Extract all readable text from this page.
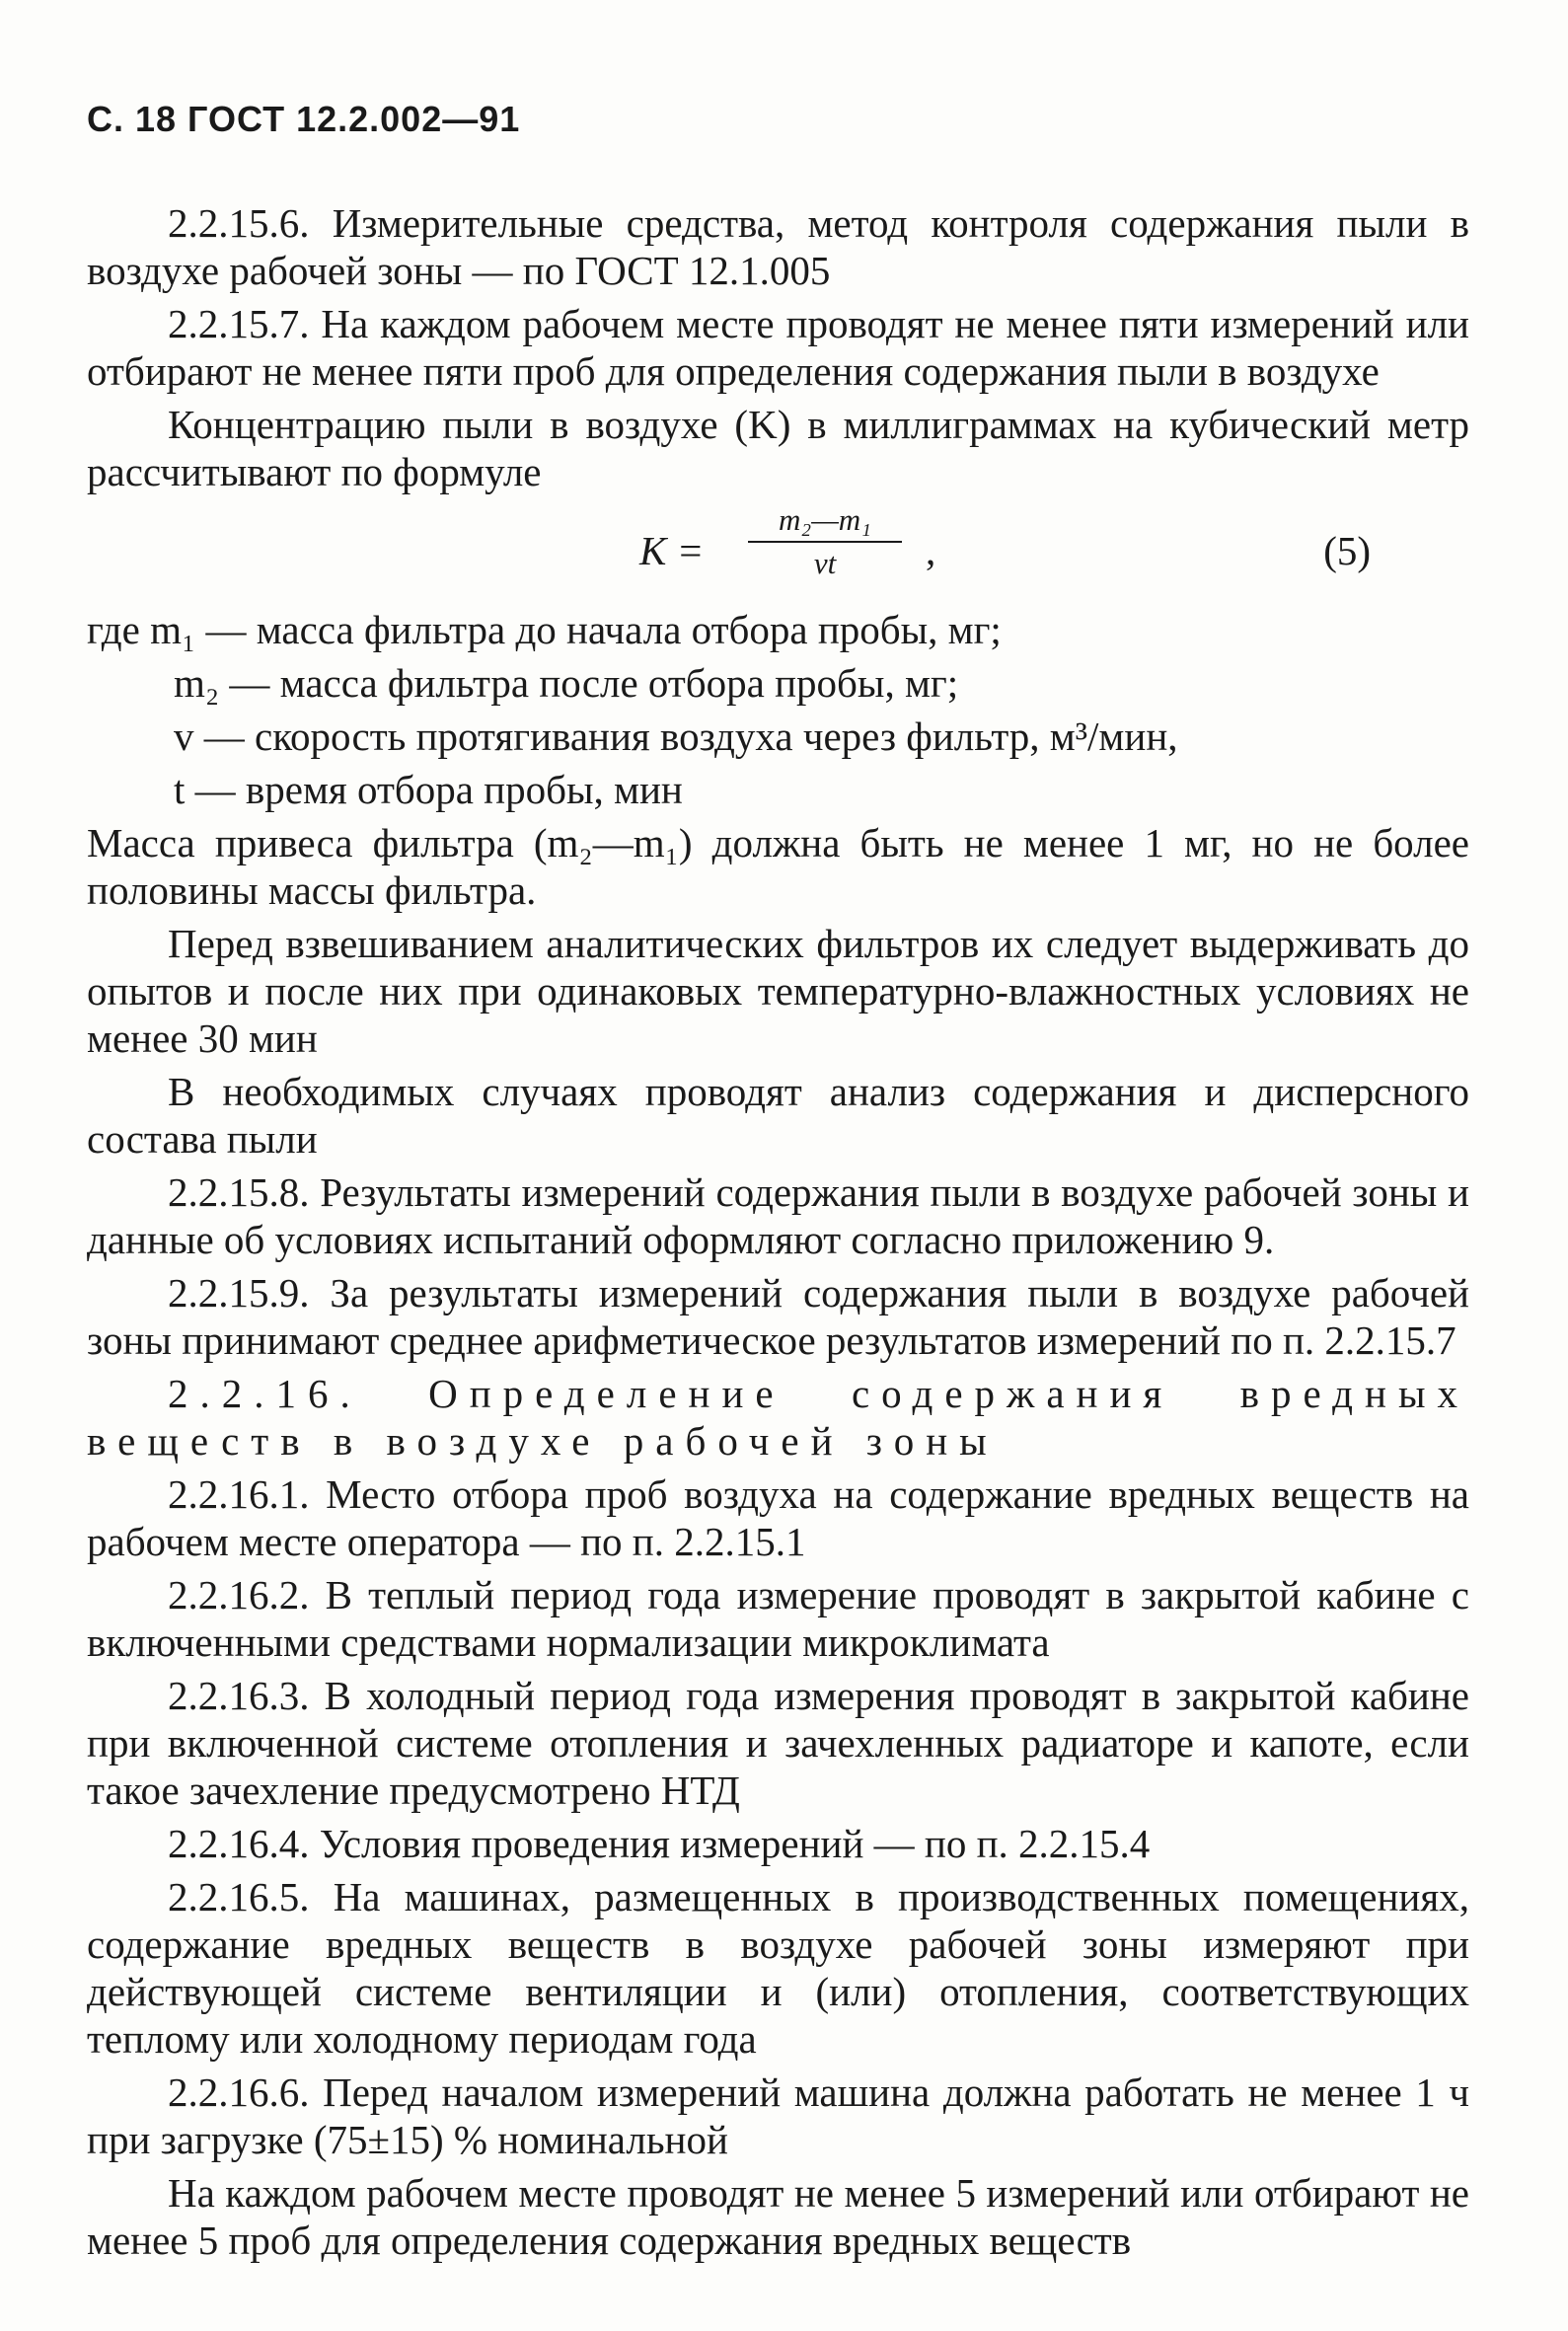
С. 18 ГОСТ 12.2.002—91

2.2.15.6. Измерительные средства, метод контроля содержания пыли в воздухе рабочей зоны — по ГОСТ 12.1.005

2.2.15.7. На каждом рабочем месте проводят не менее пяти измерений или отбирают не менее пяти проб для определения содержания пыли в воздухе

Концентрацию пыли в воздухе (K) в миллиграммах на кубический метр рассчитывают по формуле

K =
m₂—m₁
vt	,	(5)

где m₁ — масса фильтра до начала отбора пробы, мг;

m₂ — масса фильтра после отбора пробы, мг;

v — скорость протягивания воздуха через фильтр, м³/мин,

t — время отбора пробы, мин

Масса привеса фильтра (m₂—m₁) должна быть не менее 1 мг, но не более половины массы фильтра.

Перед взвешиванием аналитических фильтров их следует выдерживать до опытов и после них при одинаковых температурно-влажностных условиях не менее 30 мин

В необходимых случаях проводят анализ содержания и дисперсного состава пыли

2.2.15.8. Результаты измерений содержания пыли в воздухе рабочей зоны и данные об условиях испытаний оформляют согласно приложению 9.

2.2.15.9. За результаты измерений содержания пыли в воздухе рабочей зоны принимают среднее арифметическое результатов измерений по п. 2.2.15.7

2.2.16. Определение содержания вредных веществ в воздухе рабочей зоны

2.2.16.1. Место отбора проб воздуха на содержание вредных веществ на рабочем месте оператора — по п. 2.2.15.1

2.2.16.2. В теплый период года измерение проводят в закрытой кабине с включенными средствами нормализации микроклимата

2.2.16.3. В холодный период года измерения проводят в закрытой кабине при включенной системе отопления и зачехленных радиаторе и капоте, если такое зачехление предусмотрено НТД

2.2.16.4. Условия проведения измерений — по п. 2.2.15.4

2.2.16.5. На машинах, размещенных в производственных помещениях, содержание вредных веществ в воздухе рабочей зоны измеряют при действующей системе вентиляции и (или) отопления, соответствующих теплому или холодному периодам года

2.2.16.6. Перед началом измерений машина должна работать не менее 1 ч при загрузке (75±15) % номинальной

На каждом рабочем месте проводят не менее 5 измерений или отбирают не менее 5 проб для определения содержания вредных веществ
